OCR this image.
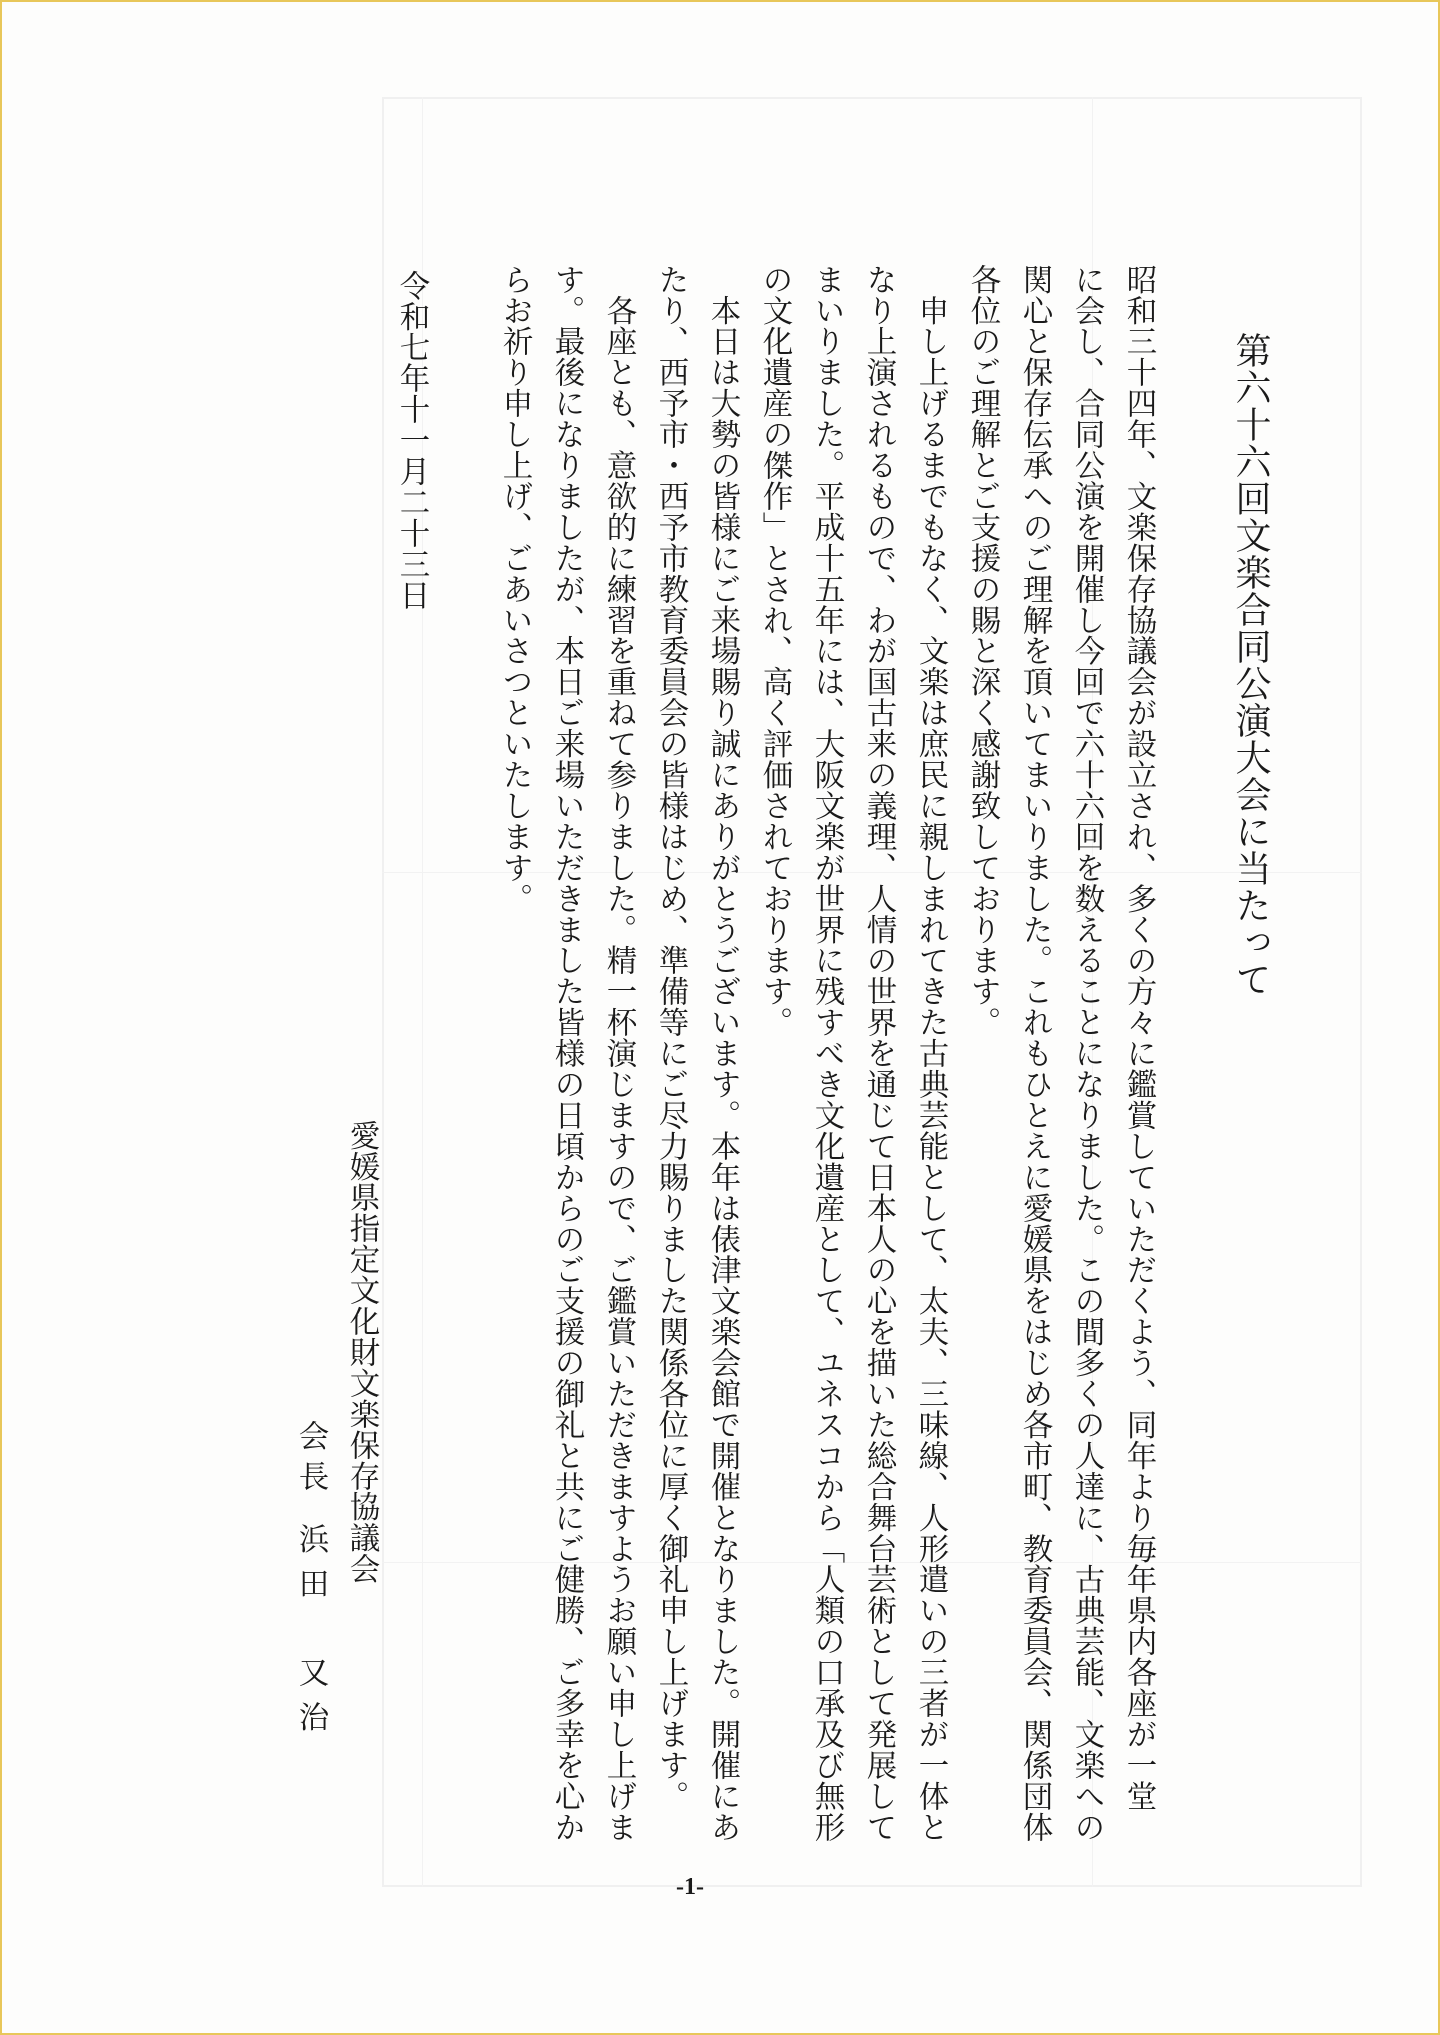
第六十六回文楽合同公演大会に当たって
昭和三十四年、文楽保存協議会が設立され、多くの方々に鑑賞していただくよう、同年より毎年県内各座が一堂
に会し、合同公演を開催し今回で六十六回を数えることになりました。この間多くの人達に、古典芸能、文楽への
関心と保存伝承へのご理解を頂いてまいりました。これもひとえに愛媛県をはじめ各市町、教育委員会、関係団体
各位のご理解とご支援の賜と深く感謝致しております。
　申し上げるまでもなく、文楽は庶民に親しまれてきた古典芸能として、太夫、三味線、人形遣いの三者が一体と
なり上演されるもので、わが国古来の義理、人情の世界を通じて日本人の心を描いた総合舞台芸術として発展して
まいりました。平成十五年には、大阪文楽が世界に残すべき文化遺産として、ユネスコから「人類の口承及び無形
の文化遺産の傑作」とされ、高く評価されております。
　本日は大勢の皆様にご来場賜り誠にありがとうございます。本年は俵津文楽会館で開催となりました。開催にあ
たり、西予市・西予市教育委員会の皆様はじめ、準備等にご尽力賜りました関係各位に厚く御礼申し上げます。
　各座とも、意欲的に練習を重ねて参りました。精一杯演じますので、ご鑑賞いただきますようお願い申し上げま
す。最後になりましたが、本日ご来場いただきました皆様の日頃からのご支援の御礼と共にご健勝、ご多幸を心か
らお祈り申し上げ、ごあいさつといたします。
令和七年十一月二十三日
愛媛県指定文化財文楽保存協議会
会長浜田　又治
-1-
